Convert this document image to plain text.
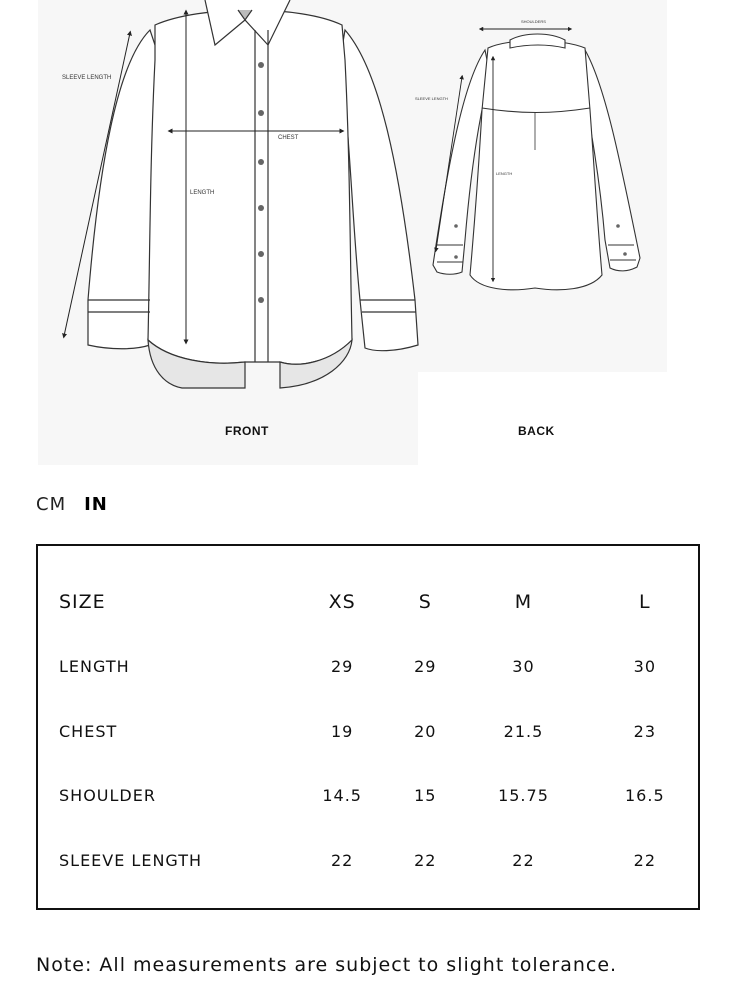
SLEEVE LENGTH
CHEST
LENGTH
SHOULDERS
SLEEVE LENGTH
LENGTH
FRONT	BACK
CM IN
SIZE	XS	S	M	L
LENGTH	29	29	30	30
CHEST	19	20	21.5	23
SHOULDER	14.5	15	15.75	16.5
SLEEVE LENGTH	22	22	22	22
Note: All measurements are subject to slight tolerance.
